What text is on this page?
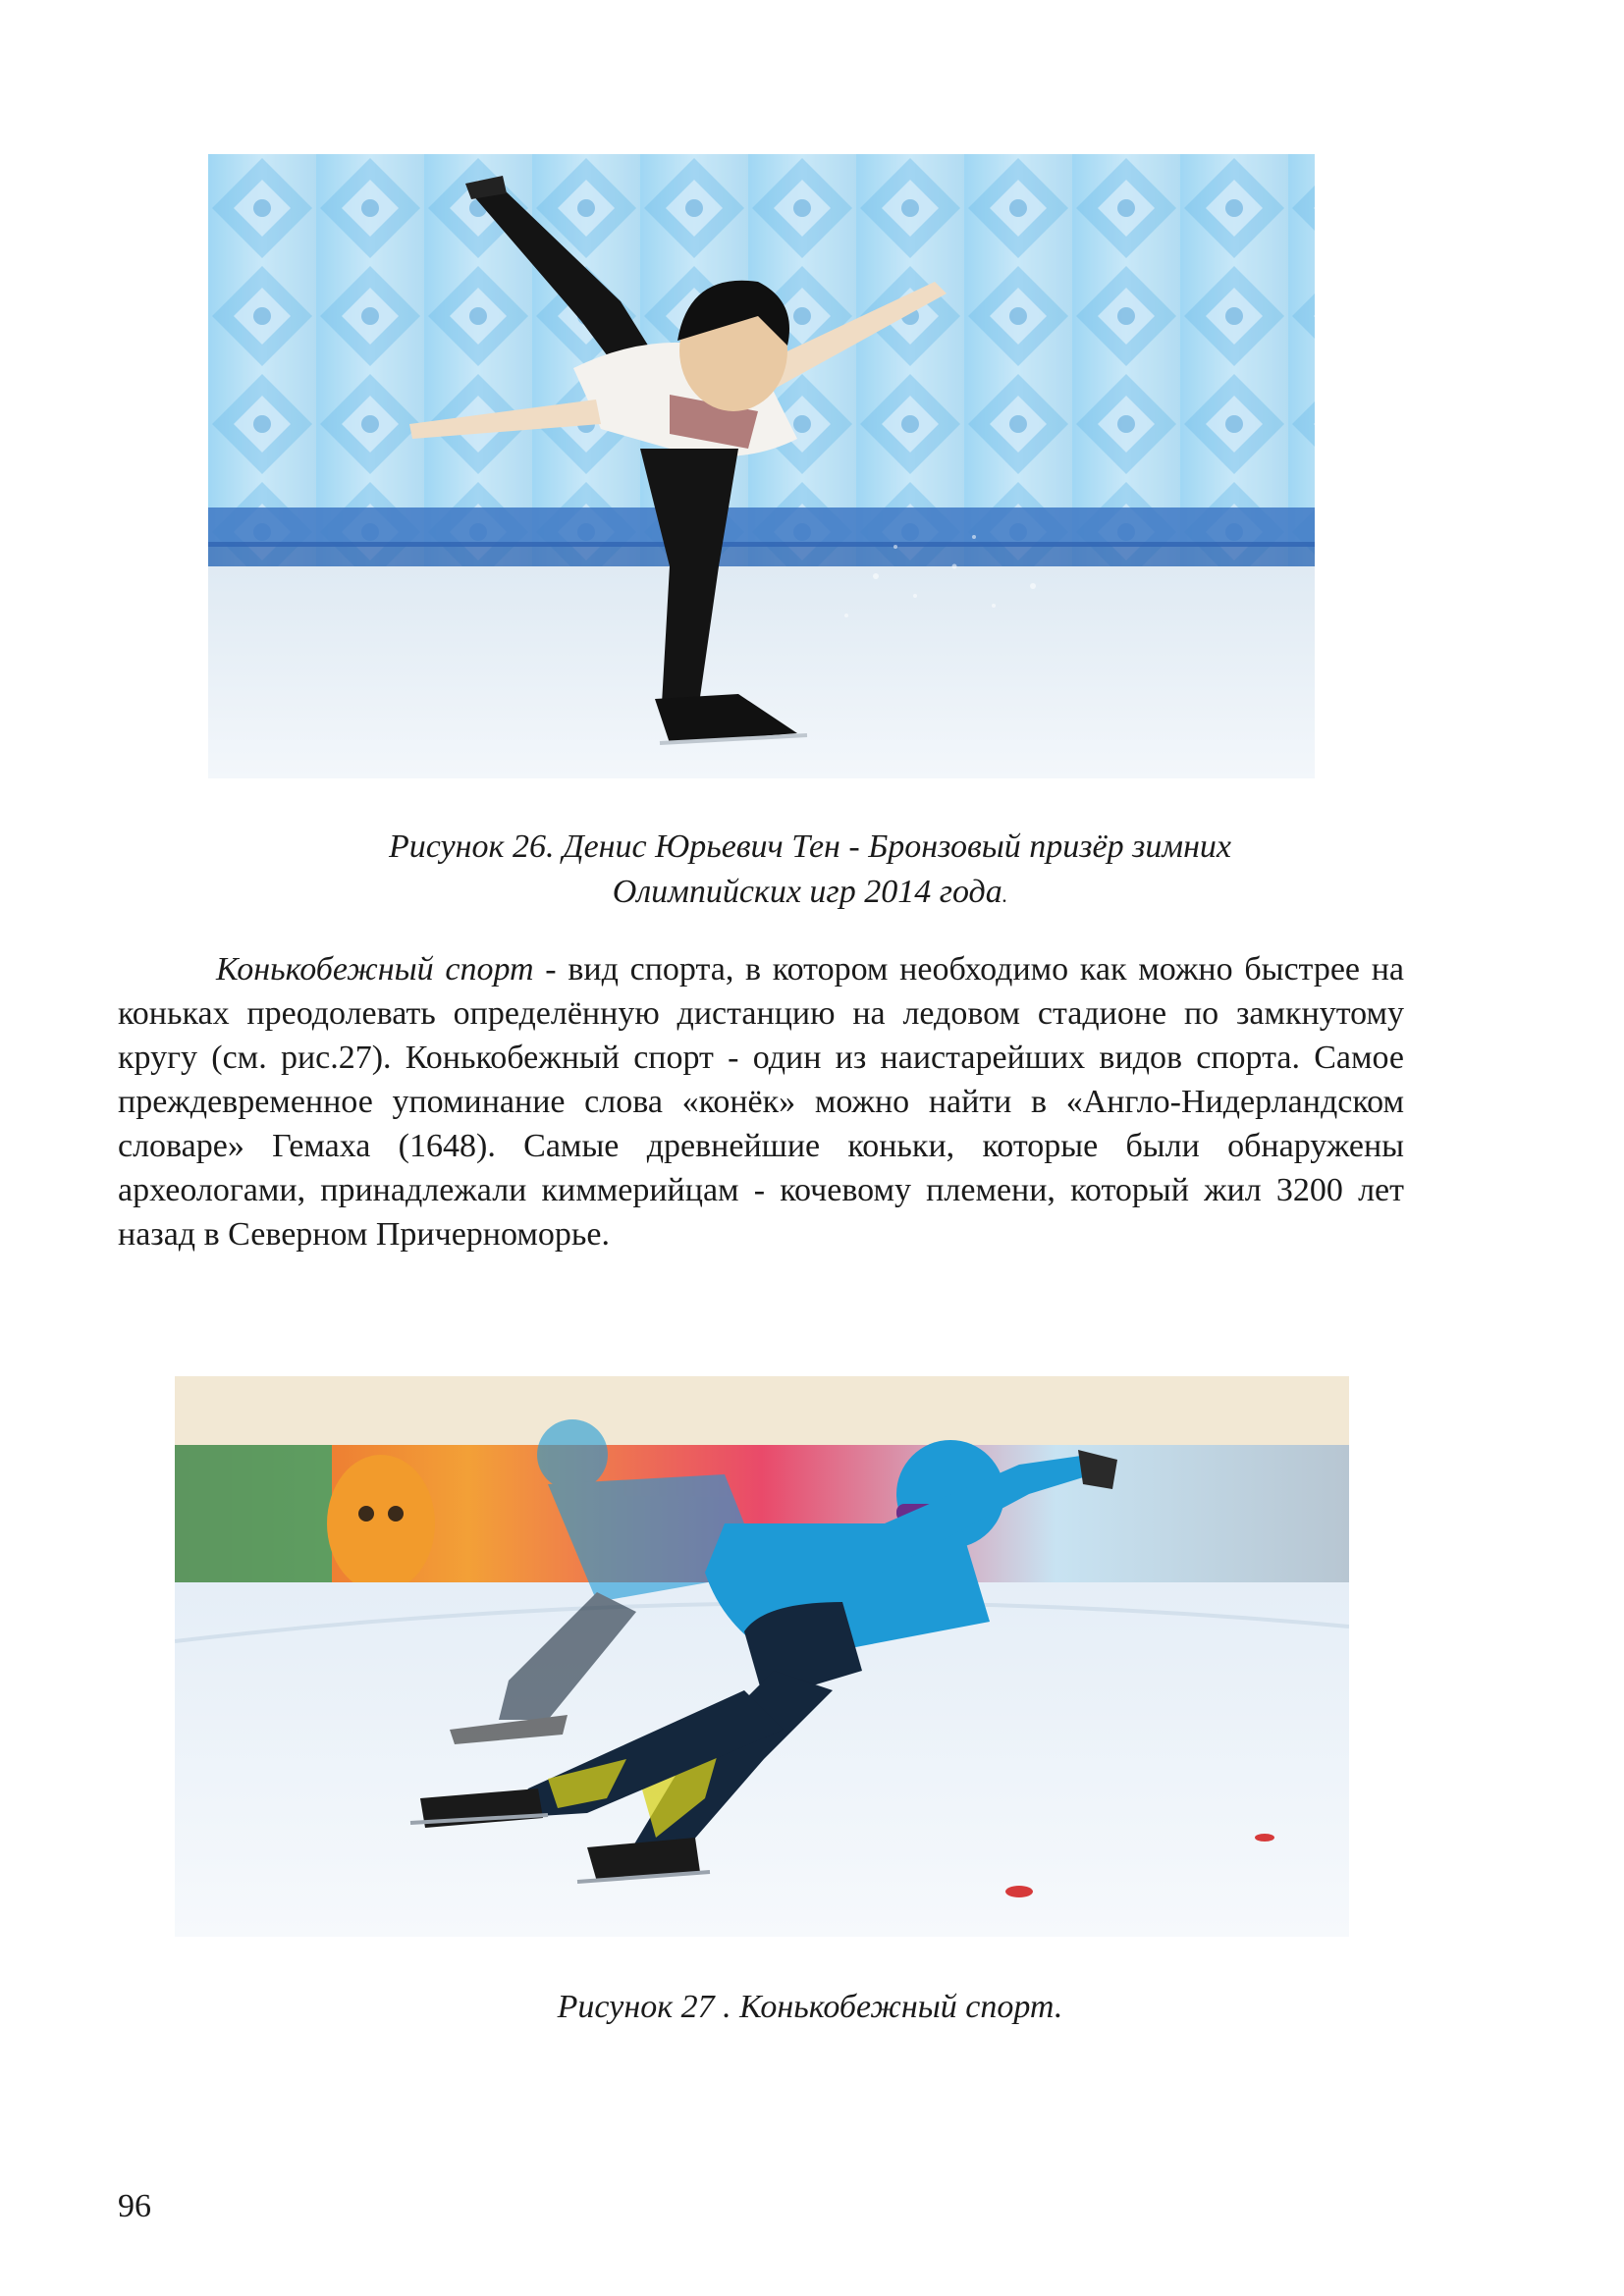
Рисунок 26. Денис Юрьевич Тен - Бронзовый призёр зимних
Олимпийских игр 2014 года.

Конькобежный спорт - вид спорта, в котором необходимо как можно быстрее на коньках преодолевать определённую дистанцию на ледовом стадионе по замкнутому кругу (см. рис.27). Конькобежный спорт - один из наистарейших видов спорта. Самое преждевременное упоминание слова «конёк» можно найти в «Англо-Нидерландском словаре» Гемаха (1648). Самые древнейшие коньки, которые были обнаружены археологами, принадлежали киммерийцам - кочевому племени, который жил 3200 лет назад в Северном Причерноморье.

Рисунок 27 . Конькобежный спорт.
96
